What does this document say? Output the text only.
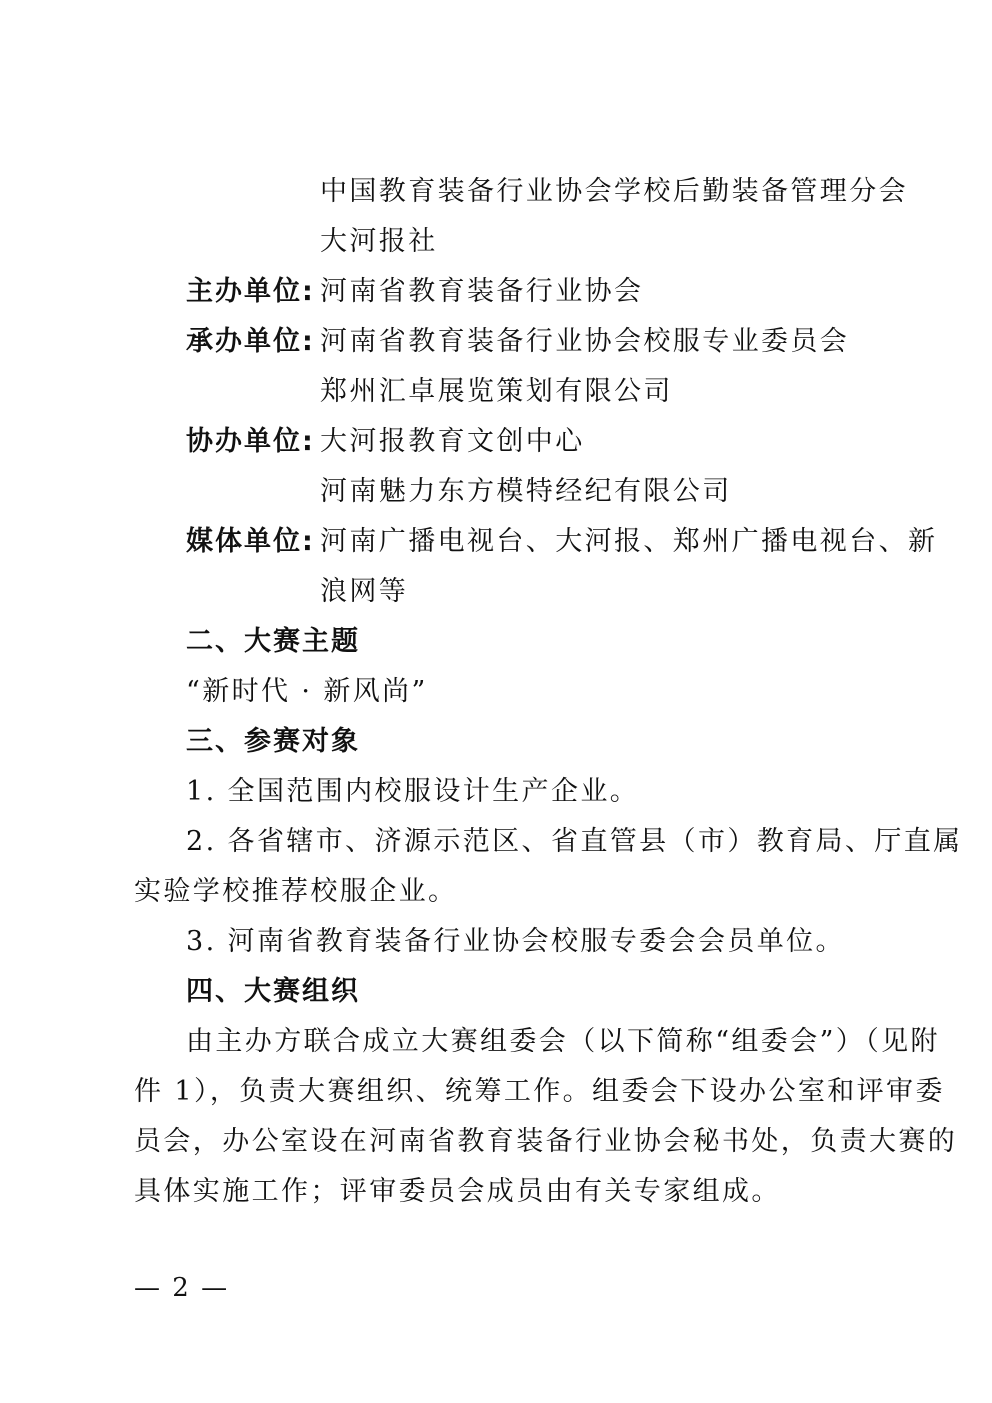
中国教育装备行业协会学校后勤装备管理分会
大河报社
主办单位: 河南省教育装备行业协会
承办单位: 河南省教育装备行业协会校服专业委员会
郑州汇卓展览策划有限公司
协办单位: 大河报教育文创中心
河南魅力东方模特经纪有限公司
媒体单位: 河南广播电视台、大河报、郑州广播电视台、新
浪网等
二、大赛主题
“新时代 · 新风尚”
三、参赛对象
1. 全国范围内校服设计生产企业。
2. 各省辖市、济源示范区、省直管县（市）教育局、厅直属
实验学校推荐校服企业。
3. 河南省教育装备行业协会校服专委会会员单位。
四、大赛组织
由主办方联合成立大赛组委会（以下简称“组委会”）（见附
件 1），负责大赛组织、统筹工作。组委会下设办公室和评审委
员会，办公室设在河南省教育装备行业协会秘书处，负责大赛的
具体实施工作；评审委员会成员由有关专家组成。
— 2 —
